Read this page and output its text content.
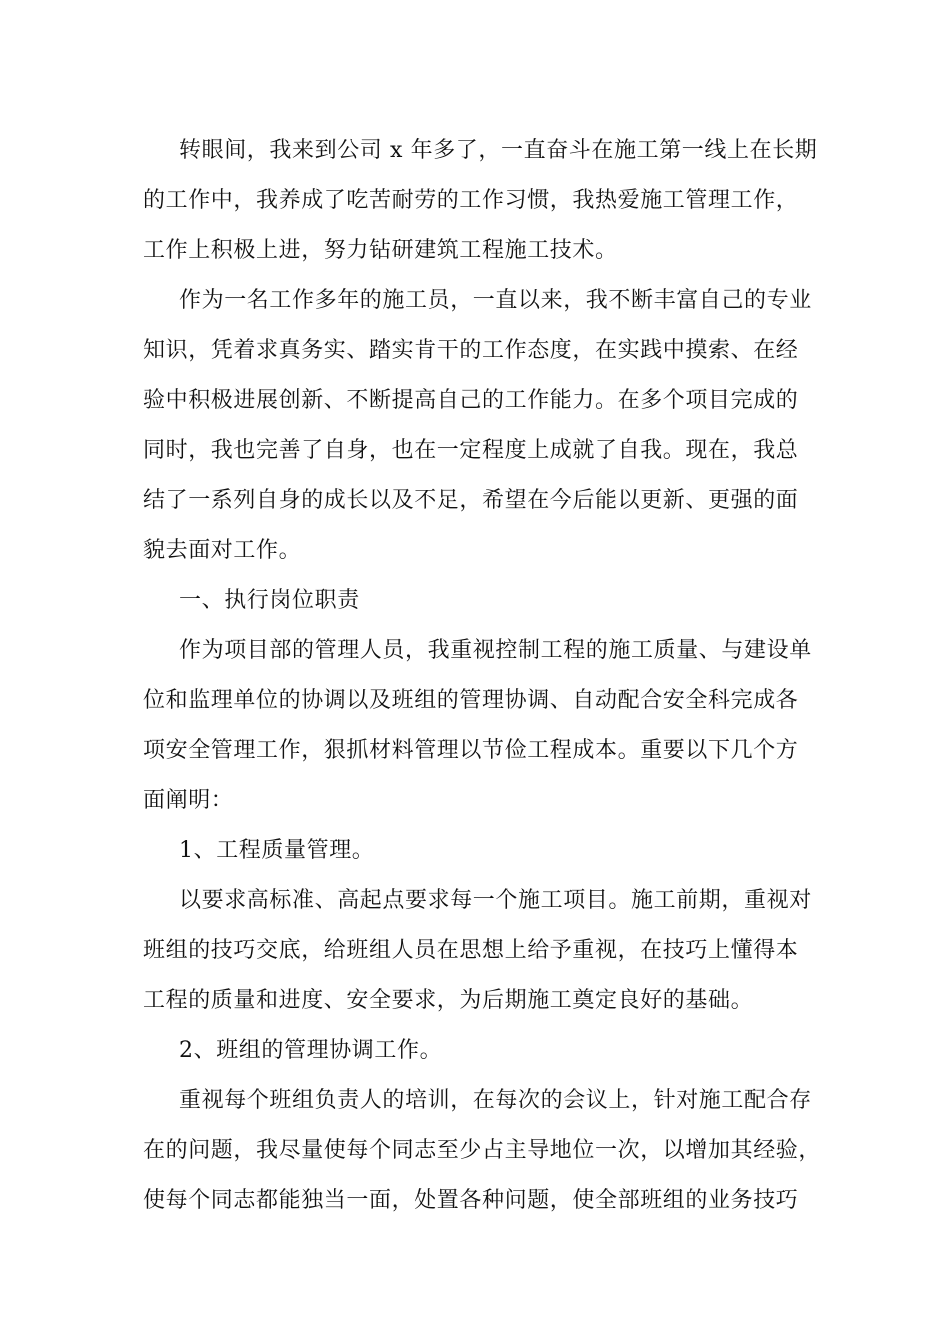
转眼间，我来到公司 x 年多了，一直奋斗在施工第一线上在长期
的工作中，我养成了吃苦耐劳的工作习惯，我热爱施工管理工作，
工作上积极上进，努力钻研建筑工程施工技术。

作为一名工作多年的施工员，一直以来，我不断丰富自己的专业
知识，凭着求真务实、踏实肯干的工作态度，在实践中摸索、在经
验中积极进展创新、不断提高自己的工作能力。在多个项目完成的
同时，我也完善了自身，也在一定程度上成就了自我。现在，我总
结了一系列自身的成长以及不足，希望在今后能以更新、更强的面
貌去面对工作。

一、执行岗位职责

作为项目部的管理人员，我重视控制工程的施工质量、与建设单
位和监理单位的协调以及班组的管理协调、自动配合安全科完成各
项安全管理工作，狠抓材料管理以节俭工程成本。重要以下几个方
面阐明：

1、工程质量管理。

以要求高标准、高起点要求每一个施工项目。施工前期，重视对
班组的技巧交底，给班组人员在思想上给予重视，在技巧上懂得本
工程的质量和进度、安全要求，为后期施工奠定良好的基础。

2、班组的管理协调工作。

重视每个班组负责人的培训，在每次的会议上，针对施工配合存
在的问题，我尽量使每个同志至少占主导地位一次，以增加其经验，
使每个同志都能独当一面，处置各种问题，使全部班组的业务技巧
